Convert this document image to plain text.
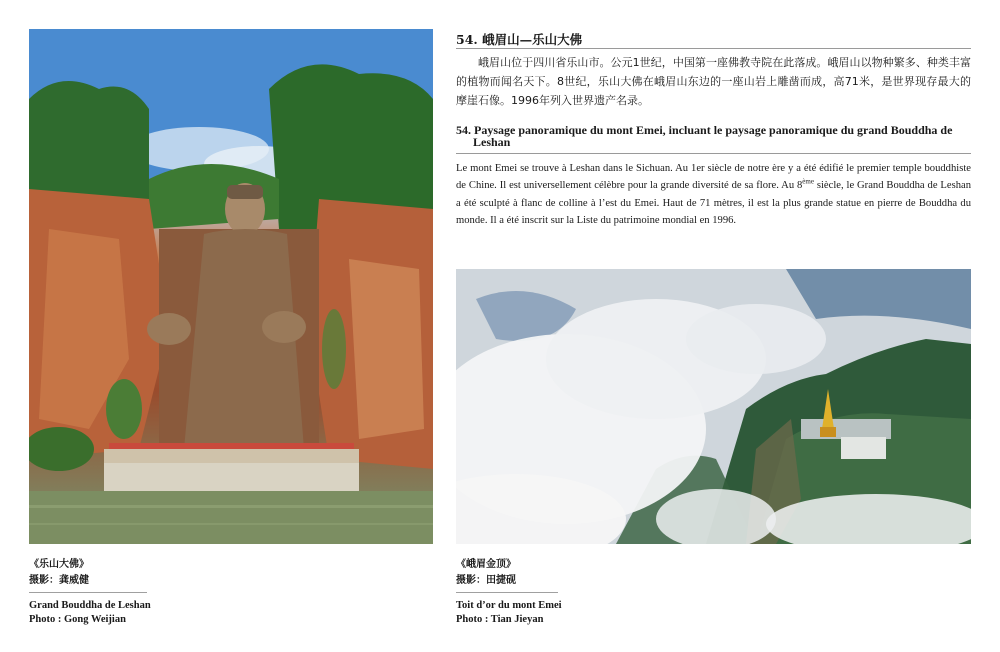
54. 峨眉山—乐山大佛

峨眉山位于四川省乐山市。公元1世纪，中国第一座佛教寺院在此落成。峨眉山以物种繁多、种类丰富的植物而闻名天下。8世纪，乐山大佛在峨眉山东边的一座山岩上雕凿而成，高71米，是世界现存最大的摩崖石像。1996年列入世界遗产名录。

54. Paysage panoramique du mont Emei, incluant le paysage panoramique du grand Bouddha de Leshan

Le mont Emei se trouve à Leshan dans le Sichuan. Au 1er siècle de notre ère y a été édifié le premier temple bouddhiste de Chine. Il est universellement célèbre pour la grande diversité de sa flore. Au 8ème siècle, le Grand Bouddha de Leshan a été sculpté à flanc de colline à l’est du Emei. Haut de 71 mètres, il est la plus grande statue en pierre de Bouddha du monde. Il a été inscrit sur la Liste du patrimoine mondial en 1996.

《乐山大佛》
摄影：龚威健
Grand Bouddha de Leshan
Photo : Gong Weijian
《峨眉金顶》
摄影：田捷砚
Toit d’or du mont Emei
Photo : Tian Jieyan
